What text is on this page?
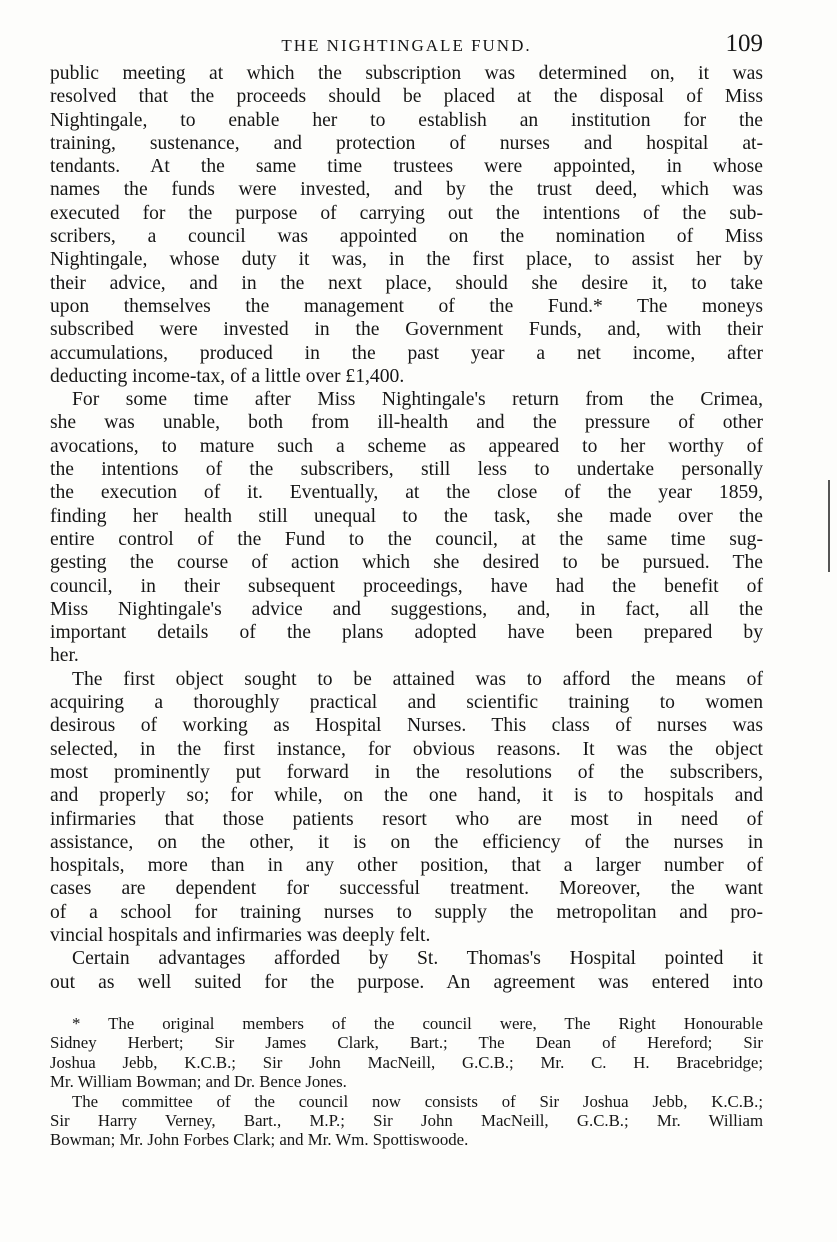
THE NIGHTINGALE FUND.	109

public meeting at which the subscription was determined on, it was

resolved that the proceeds should be placed at the disposal of Miss

Nightingale, to enable her to establish an institution for the

training, sustenance, and protection of nurses and hospital at-

tendants. At the same time trustees were appointed, in whose

names the funds were invested, and by the trust deed, which was

executed for the purpose of carrying out the intentions of the sub-

scribers, a council was appointed on the nomination of Miss

Nightingale, whose duty it was, in the first place, to assist her by

their advice, and in the next place, should she desire it, to take

upon themselves the management of the Fund.* The moneys

subscribed were invested in the Government Funds, and, with their

accumulations, produced in the past year a net income, after

deducting income-tax, of a little over £1,400.

For some time after Miss Nightingale's return from the Crimea,

she was unable, both from ill-health and the pressure of other

avocations, to mature such a scheme as appeared to her worthy of

the intentions of the subscribers, still less to undertake personally

the execution of it. Eventually, at the close of the year 1859,

finding her health still unequal to the task, she made over the

entire control of the Fund to the council, at the same time sug-

gesting the course of action which she desired to be pursued. The

council, in their subsequent proceedings, have had the benefit of

Miss Nightingale's advice and suggestions, and, in fact, all the

important details of the plans adopted have been prepared by

her.

The first object sought to be attained was to afford the means of

acquiring a thoroughly practical and scientific training to women

desirous of working as Hospital Nurses. This class of nurses was

selected, in the first instance, for obvious reasons. It was the object

most prominently put forward in the resolutions of the subscribers,

and properly so; for while, on the one hand, it is to hospitals and

infirmaries that those patients resort who are most in need of

assistance, on the other, it is on the efficiency of the nurses in

hospitals, more than in any other position, that a larger number of

cases are dependent for successful treatment. Moreover, the want

of a school for training nurses to supply the metropolitan and pro-

vincial hospitals and infirmaries was deeply felt.

Certain advantages afforded by St. Thomas's Hospital pointed it

out as well suited for the purpose. An agreement was entered into

* The original members of the council were, The Right Honourable

Sidney Herbert; Sir James Clark, Bart.; The Dean of Hereford; Sir

Joshua Jebb, K.C.B.; Sir John MacNeill, G.C.B.; Mr. C. H. Bracebridge;

Mr. William Bowman; and Dr. Bence Jones.

The committee of the council now consists of Sir Joshua Jebb, K.C.B.;

Sir Harry Verney, Bart., M.P.; Sir John MacNeill, G.C.B.; Mr. William

Bowman; Mr. John Forbes Clark; and Mr. Wm. Spottiswoode.
